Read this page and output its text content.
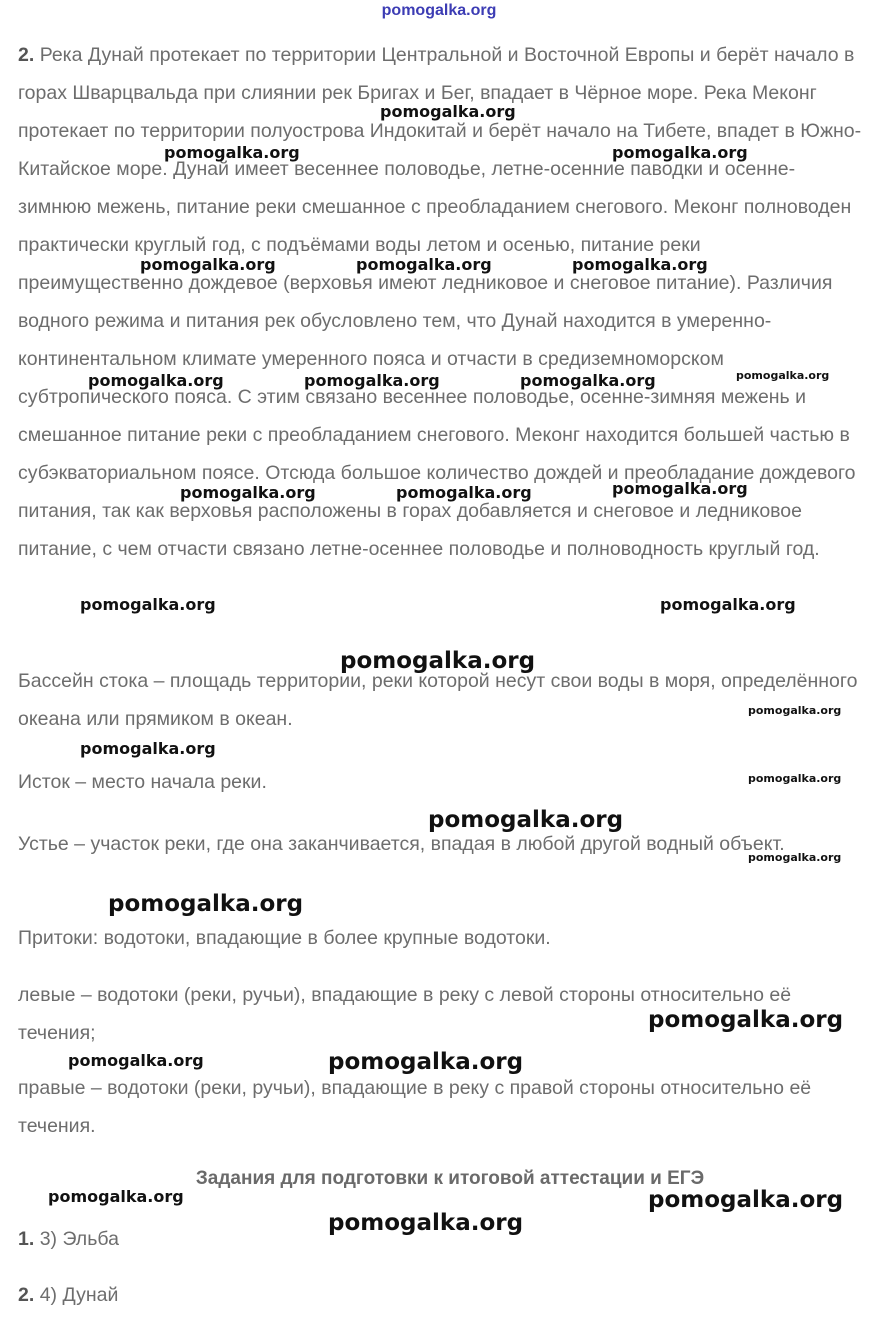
pomogalka.org

2. Река Дунай протекает по территории Центральной и Восточной Европы и берёт начало в горах Шварцвальда при слиянии рек Бригах и Бег, впадает в Чёрное море. Река Меконг протекает по территории полуострова Индокитай и берёт начало на Тибете, впадет в Южно-Китайское море. Дунай имеет весеннее половодье, летне-осенние паводки и осенне-зимнюю межень, питание реки смешанное с преобладанием снегового. Меконг полноводен практически круглый год, с подъёмами воды летом и осенью, питание реки преимущественно дождевое (верховья имеют ледниковое и снеговое питание). Различия водного режима и питания рек обусловлено тем, что Дунай находится в умеренно-континентальном климате умеренного пояса и отчасти в средиземноморском субтропического пояса. С этим связано весеннее половодье, осенне-зимняя межень и смешанное питание реки с преобладанием снегового. Меконг находится большей частью в субэкваториальном поясе. Отсюда большое количество дождей и преобладание дождевого питания, так как верховья расположены в горах добавляется и снеговое и ледниковое питание, с чем отчасти связано летне-осеннее половодье и полноводность круглый год.

Бассейн стока – площадь территории, реки которой несут свои воды в моря, определённого океана или прямиком в океан.

Исток – место начала реки.

Устье – участок реки, где она заканчивается, впадая в любой другой водный объект.

Притоки: водотоки, впадающие в более крупные водотоки.

левые – водотоки (реки, ручьи), впадающие в реку с левой стороны относительно её течения;

правые – водотоки (реки, ручьи), впадающие в реку с правой стороны относительно её течения.

Задания для подготовки к итоговой аттестации и ЕГЭ
1. 3) Эльба
2. 4) Дунай
pomogalka.org
pomogalka.org	pomogalka.org
pomogalka.org	pomogalka.org	pomogalka.org
pomogalka.org	pomogalka.org	pomogalka.org	pomogalka.org
pomogalka.org	pomogalka.org	pomogalka.org
pomogalka.org	pomogalka.org
pomogalka.org
pomogalka.org
pomogalka.org
pomogalka.org
pomogalka.org
pomogalka.org
pomogalka.org
pomogalka.org
pomogalka.org	pomogalka.org
pomogalka.org	pomogalka.org
pomogalka.org
